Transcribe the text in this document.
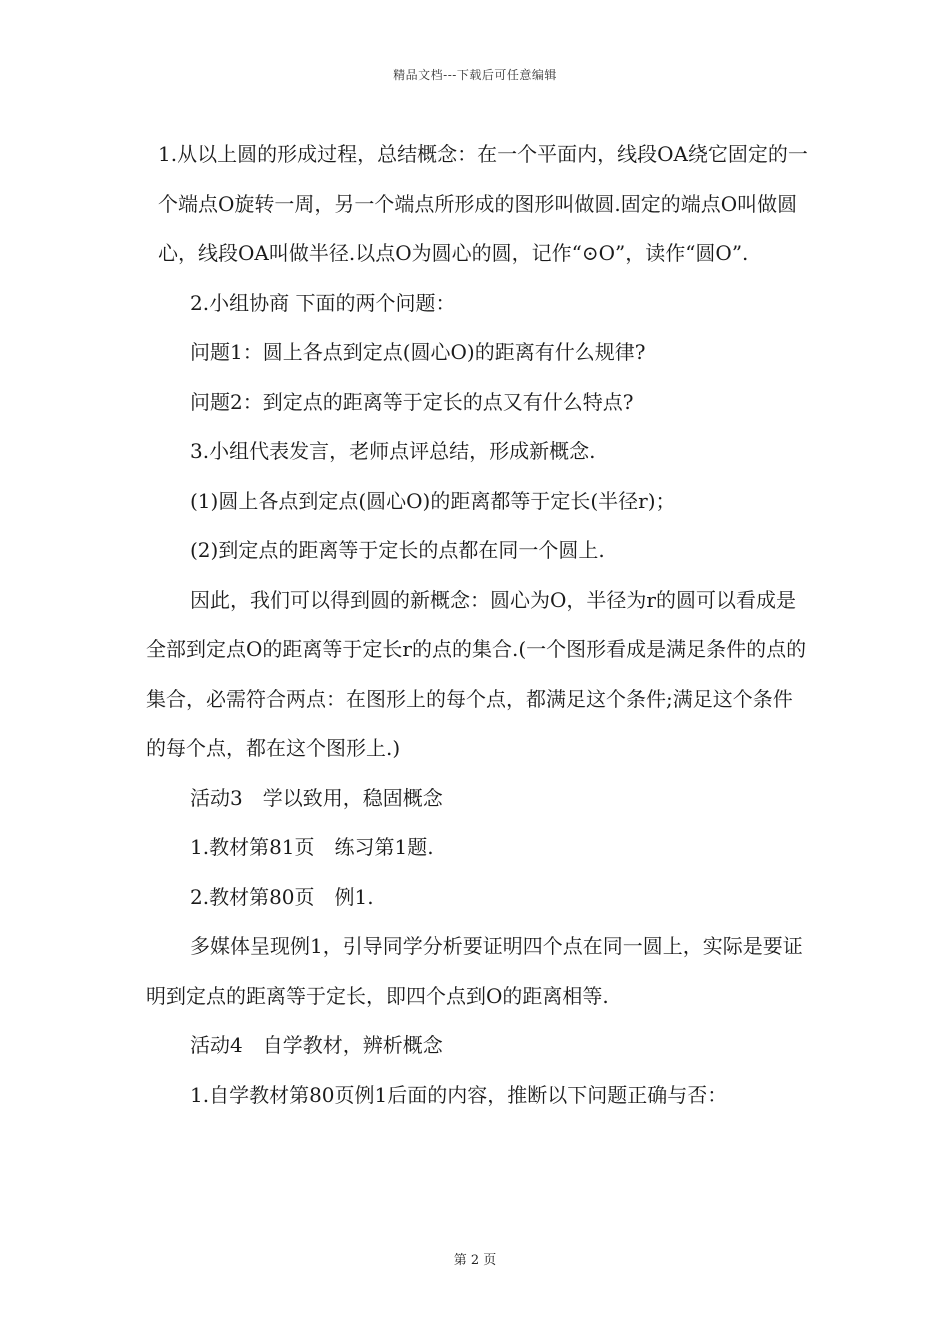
精品文档---下载后可任意编辑

1.从以上圆的形成过程，总结概念：在一个平面内，线段OA绕它固定的一个端点O旋转一周，另一个端点所形成的图形叫做圆.固定的端点O叫做圆心，线段OA叫做半径.以点O为圆心的圆，记作“⊙O”，读作“圆O”.

2.小组协商 下面的两个问题：

问题1：圆上各点到定点(圆心O)的距离有什么规律?

问题2：到定点的距离等于定长的点又有什么特点?

3.小组代表发言，老师点评总结，形成新概念.

(1)圆上各点到定点(圆心O)的距离都等于定长(半径r)；

(2)到定点的距离等于定长的点都在同一个圆上.

因此，我们可以得到圆的新概念：圆心为O，半径为r的圆可以看成是全部到定点O的距离等于定长r的点的集合.(一个图形看成是满足条件的点的集合，必需符合两点：在图形上的每个点，都满足这个条件;满足这个条件的每个点，都在这个图形上.)

活动3　学以致用，稳固概念

1.教材第81页　练习第1题.

2.教材第80页　例1.

多媒体呈现例1，引导同学分析要证明四个点在同一圆上，实际是要证明到定点的距离等于定长，即四个点到O的距离相等.

活动4　自学教材，辨析概念

1.自学教材第80页例1后面的内容，推断以下问题正确与否：

第 2 页
